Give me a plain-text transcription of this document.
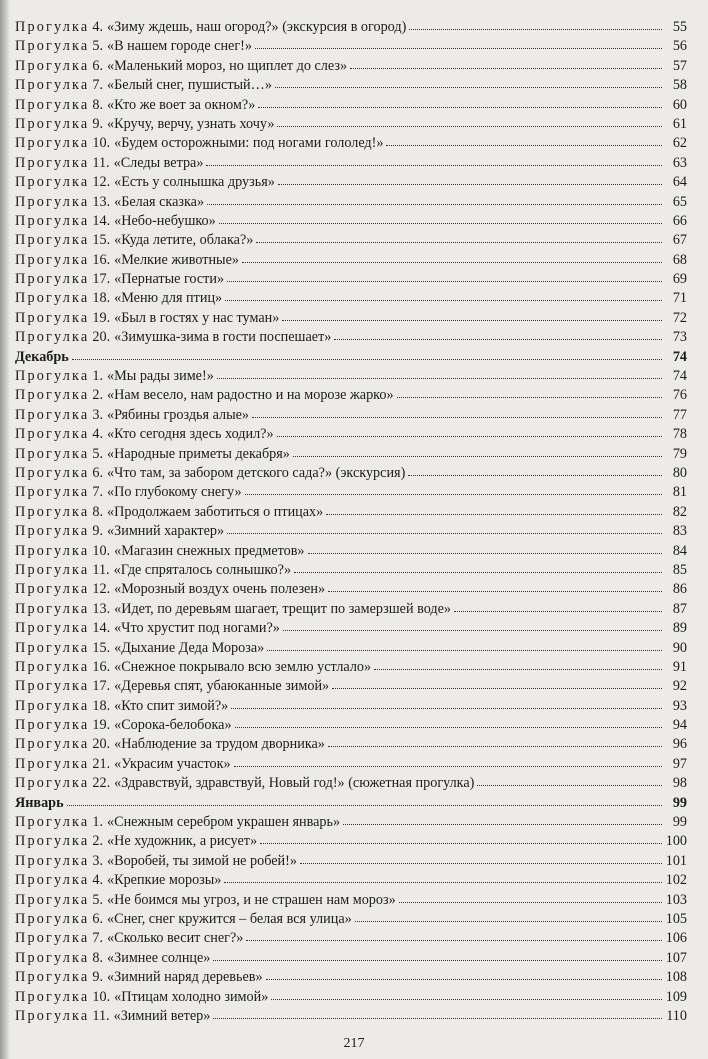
Прогулка 4. «Зиму ждешь, наш огород?» (экскурсия в огород)	55
Прогулка 5. «В нашем городе снег!»	56
Прогулка 6. «Маленький мороз, но щиплет до слез»	57
Прогулка 7. «Белый снег, пушистый…»	58
Прогулка 8. «Кто же воет за окном?»	60
Прогулка 9. «Кручу, верчу, узнать хочу»	61
Прогулка 10. «Будем осторожными: под ногами гололед!»	62
Прогулка 11. «Следы ветра»	63
Прогулка 12. «Есть у солнышка друзья»	64
Прогулка 13. «Белая сказка»	65
Прогулка 14. «Небо-небушко»	66
Прогулка 15. «Куда летите, облака?»	67
Прогулка 16. «Мелкие животные»	68
Прогулка 17. «Пернатые гости»	69
Прогулка 18. «Меню для птиц»	71
Прогулка 19. «Был в гостях у нас туман»	72
Прогулка 20. «Зимушка-зима в гости поспешает»	73
Декабрь	74
Прогулка 1. «Мы рады зиме!»	74
Прогулка 2. «Нам весело, нам радостно и на морозе жарко»	76
Прогулка 3. «Рябины гроздья алые»	77
Прогулка 4. «Кто сегодня здесь ходил?»	78
Прогулка 5. «Народные приметы декабря»	79
Прогулка 6. «Что там, за забором детского сада?» (экскурсия)	80
Прогулка 7. «По глубокому снегу»	81
Прогулка 8. «Продолжаем заботиться о птицах»	82
Прогулка 9. «Зимний характер»	83
Прогулка 10. «Магазин снежных предметов»	84
Прогулка 11. «Где спряталось солнышко?»	85
Прогулка 12. «Морозный воздух очень полезен»	86
Прогулка 13. «Идет, по деревьям шагает, трещит по замерзшей воде»	87
Прогулка 14. «Что хрустит под ногами?»	89
Прогулка 15. «Дыхание Деда Мороза»	90
Прогулка 16. «Снежное покрывало всю землю устлало»	91
Прогулка 17. «Деревья спят, убаюканные зимой»	92
Прогулка 18. «Кто спит зимой?»	93
Прогулка 19. «Сорока-белобока»	94
Прогулка 20. «Наблюдение за трудом дворника»	96
Прогулка 21. «Украсим участок»	97
Прогулка 22. «Здравствуй, здравствуй, Новый год!» (сюжетная прогулка)	98
Январь	99
Прогулка 1. «Снежным серебром украшен январь»	99
Прогулка 2. «Не художник, а рисует»	100
Прогулка 3. «Воробей, ты зимой не робей!»	101
Прогулка 4. «Крепкие морозы»	102
Прогулка 5. «Не боимся мы угроз, и не страшен нам мороз»	103
Прогулка 6. «Снег, снег кружится – белая вся улица»	105
Прогулка 7. «Сколько весит снег?»	106
Прогулка 8. «Зимнее солнце»	107
Прогулка 9. «Зимний наряд деревьев»	108
Прогулка 10. «Птицам холодно зимой»	109
Прогулка 11. «Зимний ветер»	110
217
